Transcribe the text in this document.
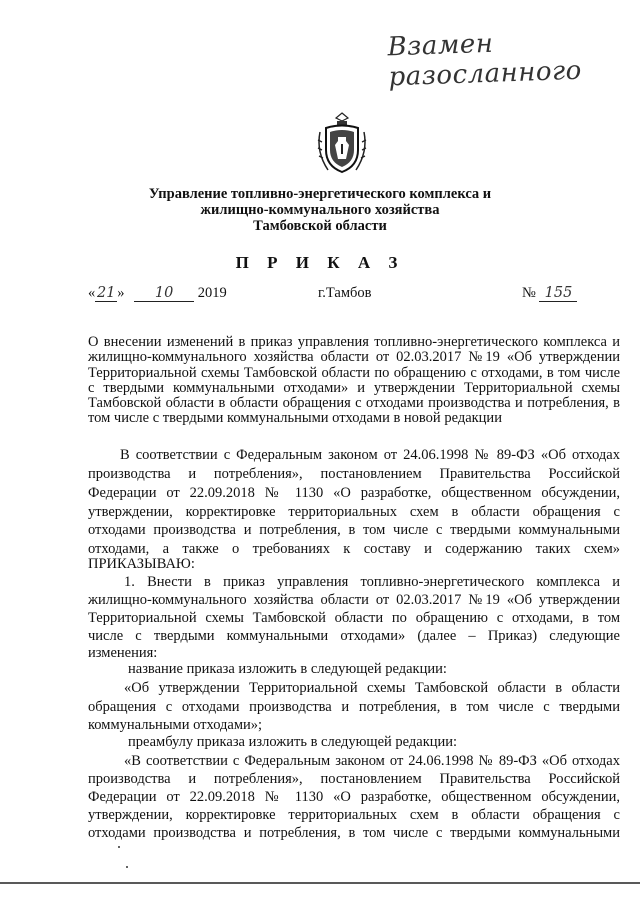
Взамен разосланного
Управление топливно-энергетического комплекса и
жилищно-коммунального хозяйства
Тамбовской области
П Р И К А З
« 21 » 10 2019	г.Тамбов	№ 155
О внесении изменений в приказ управления топливно-энергетического комплекса и жилищно-коммунального хозяйства области от 02.03.2017 №19 «Об утверждении Территориальной схемы Тамбовской области по обращению с отходами, в том числе с твердыми коммунальными отходами» и утверждении Территориальной схемы Тамбовской области в области обращения с отходами производства и потребления, в том числе с твердыми коммунальными отходами в новой редакции
В соответствии с Федеральным законом от 24.06.1998 № 89-ФЗ «Об отходах
производства и потребления», постановлением Правительства Российской
Федерации от 22.09.2018 № 1130 «О разработке, общественном обсуждении,
утверждении, корректировке территориальных схем в области обращения с
отходами производства и потребления, в том числе с твердыми коммунальными
отходами, а также о требованиях к составу и содержанию таких схем»
ПРИКАЗЫВАЮ:
1. Внести в приказ управления топливно-энергетического комплекса и
жилищно-коммунального хозяйства области от 02.03.2017 №19 «Об утверждении
Территориальной схемы Тамбовской области по обращению с отходами, в том
числе с твердыми коммунальными отходами» (далее – Приказ) следующие
изменения:
название приказа изложить в следующей редакции:
«Об утверждении Территориальной схемы Тамбовской области в области
обращения с отходами производства и потребления, в том числе с твердыми
коммунальными отходами»;
преамбулу приказа изложить в следующей редакции:
«В соответствии с Федеральным законом от 24.06.1998 № 89-ФЗ «Об отходах
производства и потребления», постановлением Правительства Российской
Федерации от 22.09.2018 № 1130 «О разработке, общественном обсуждении,
утверждении, корректировке территориальных схем в области обращения с
отходами производства и потребления, в том числе с твердыми коммунальными
